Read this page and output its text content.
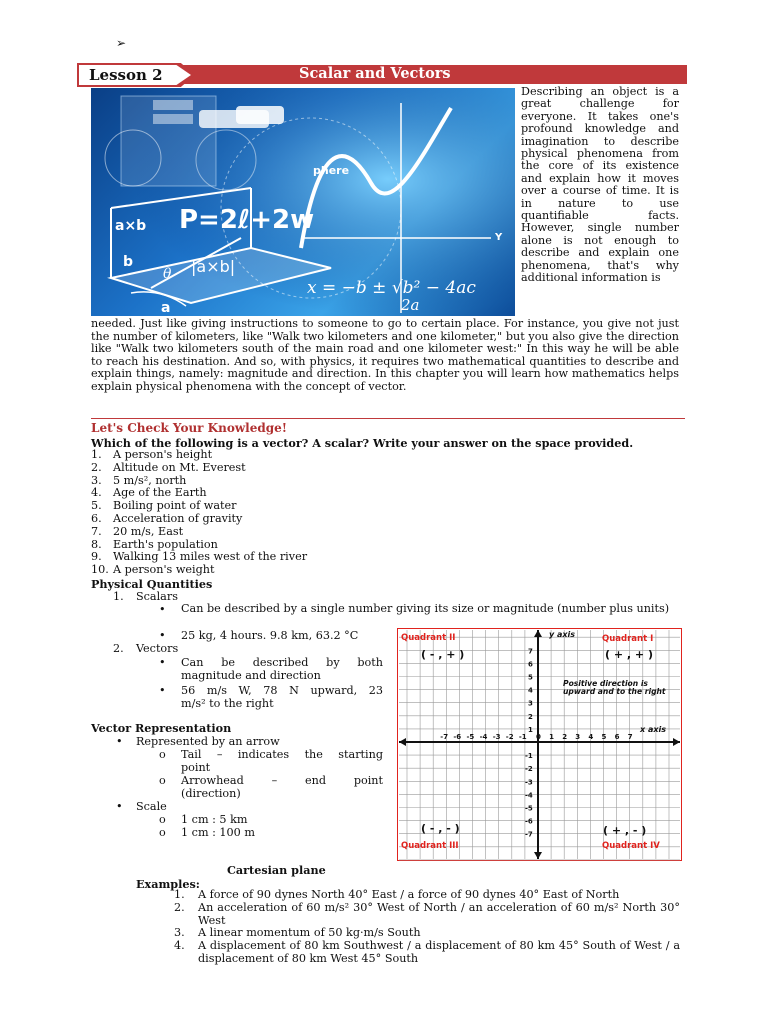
➢
Lesson 2	Scalar and Vectors
P=2ℓ+2w
a×b
|a×b|
b
a
θ
x = −b ± √b² − 4ac
2a
Y
phere
Describing an object is a great challenge for everyone. It takes one's profound knowledge and imagination to describe physical phenomena from the core of its existence and explain how it moves over a course of time. It is in nature to use quantifiable facts. However, single number alone is not enough to describe and explain one phenomena, that's why additional information is
needed. Just like giving instructions to someone to go to certain place. For instance, you give not just the number of kilometers, like "Walk two kilometers and one kilometer," but you also give the direction like "Walk two kilometers south of the main road and one kilometer west:" In this way he will be able to reach his destination. And so, with physics, it requires two mathematical quantities to describe and explain things, namely: magnitude and direction. In this chapter you will learn how mathematics helps explain physical phenomena with the concept of vector.
Let's Check Your Knowledge!
Which of the following is a vector? A scalar? Write your answer on the space provided.
1. A person's height
2. Altitude on Mt. Everest
3. 5 m/s², north
4. Age of the Earth
5. Boiling point of water
6. Acceleration of gravity
7. 20 m/s, East
8. Earth's population
9. Walking 13 miles west of the river
10. A person's weight
Physical Quantities
1. Scalars
• Can be described by a single number giving its size or magnitude (number plus units)
• 25 kg, 4 hours. 9.8 km, 63.2 °C
2. Vectors
• Can be described by both
magnitude and direction
• 56 m/s W, 78 N upward, 23
m/s² to the right
Vector Representation
• Represented by an arrow
o Tail – indicates the starting
point
o Arrowhead – end point
(direction)
• Scale
o 1 cm : 5 km
o 1 cm : 100 m
Quadrant II	Quadrant I
Quadrant III	Quadrant IV
( - , + )	( + , + )
( - , - )	( + , - )
y axis
x axis
Positive direction is
upward and to the right
-7 -6 -5 -4 -3 -2 -1 0 1 2 3 4 5 6 7
7
6
5
4
3
2
1
-1
-2
-3
-4
-5
-6
-7
Cartesian plane
Examples:
1.	A force of 90 dynes North 40° East / a force of 90 dynes 40° East of North
2.	An acceleration of 60 m/s² 30° West of North / an acceleration of 60 m/s² North 30° West
3.	A linear momentum of 50 kg·m/s South
4.	A displacement of 80 km Southwest / a displacement of 80 km 45° South of West / a displacement of 80 km West 45° South
